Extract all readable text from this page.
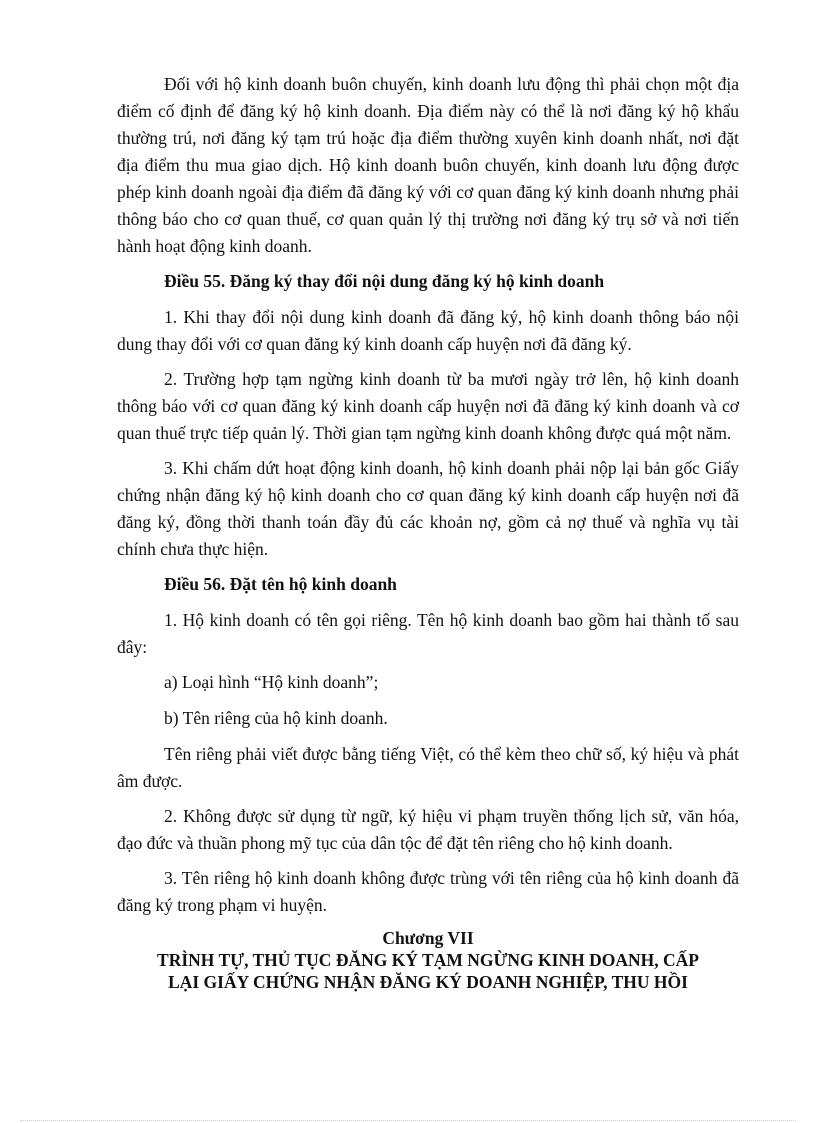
Đối với hộ kinh doanh buôn chuyến, kinh doanh lưu động thì phải chọn một địa điểm cố định để đăng ký hộ kinh doanh. Địa điểm này có thể là nơi đăng ký hộ khẩu thường trú, nơi đăng ký tạm trú hoặc địa điểm thường xuyên kinh doanh nhất, nơi đặt địa điểm thu mua giao dịch. Hộ kinh doanh buôn chuyến, kinh doanh lưu động được phép kinh doanh ngoài địa điểm đã đăng ký với cơ quan đăng ký kinh doanh nhưng phải thông báo cho cơ quan thuế, cơ quan quản lý thị trường nơi đăng ký trụ sở và nơi tiến hành hoạt động kinh doanh.

Điều 55. Đăng ký thay đổi nội dung đăng ký hộ kinh doanh

1. Khi thay đổi nội dung kinh doanh đã đăng ký, hộ kinh doanh thông báo nội dung thay đổi với cơ quan đăng ký kinh doanh cấp huyện nơi đã đăng ký.

2. Trường hợp tạm ngừng kinh doanh từ ba mươi ngày trở lên, hộ kinh doanh thông báo với cơ quan đăng ký kinh doanh cấp huyện nơi đã đăng ký kinh doanh và cơ quan thuế trực tiếp quản lý. Thời gian tạm ngừng kinh doanh không được quá một năm.

3. Khi chấm dứt hoạt động kinh doanh, hộ kinh doanh phải nộp lại bản gốc Giấy chứng nhận đăng ký hộ kinh doanh cho cơ quan đăng ký kinh doanh cấp huyện nơi đã đăng ký, đồng thời thanh toán đầy đủ các khoản nợ, gồm cả nợ thuế và nghĩa vụ tài chính chưa thực hiện.

Điều 56. Đặt tên hộ kinh doanh

1. Hộ kinh doanh có tên gọi riêng. Tên hộ kinh doanh bao gồm hai thành tố sau đây:

a) Loại hình “Hộ kinh doanh”;

b) Tên riêng của hộ kinh doanh.

Tên riêng phải viết được bằng tiếng Việt, có thể kèm theo chữ số, ký hiệu và phát âm được.

2. Không được sử dụng từ ngữ, ký hiệu vi phạm truyền thống lịch sử, văn hóa, đạo đức và thuần phong mỹ tục của dân tộc để đặt tên riêng cho hộ kinh doanh.

3. Tên riêng hộ kinh doanh không được trùng với tên riêng của hộ kinh doanh đã đăng ký trong phạm vi huyện.

Chương VII
TRÌNH TỰ, THỦ TỤC ĐĂNG KÝ TẠM NGỪNG KINH DOANH, CẤP
LẠI GIẤY CHỨNG NHẬN ĐĂNG KÝ DOANH NGHIỆP, THU HỒI
